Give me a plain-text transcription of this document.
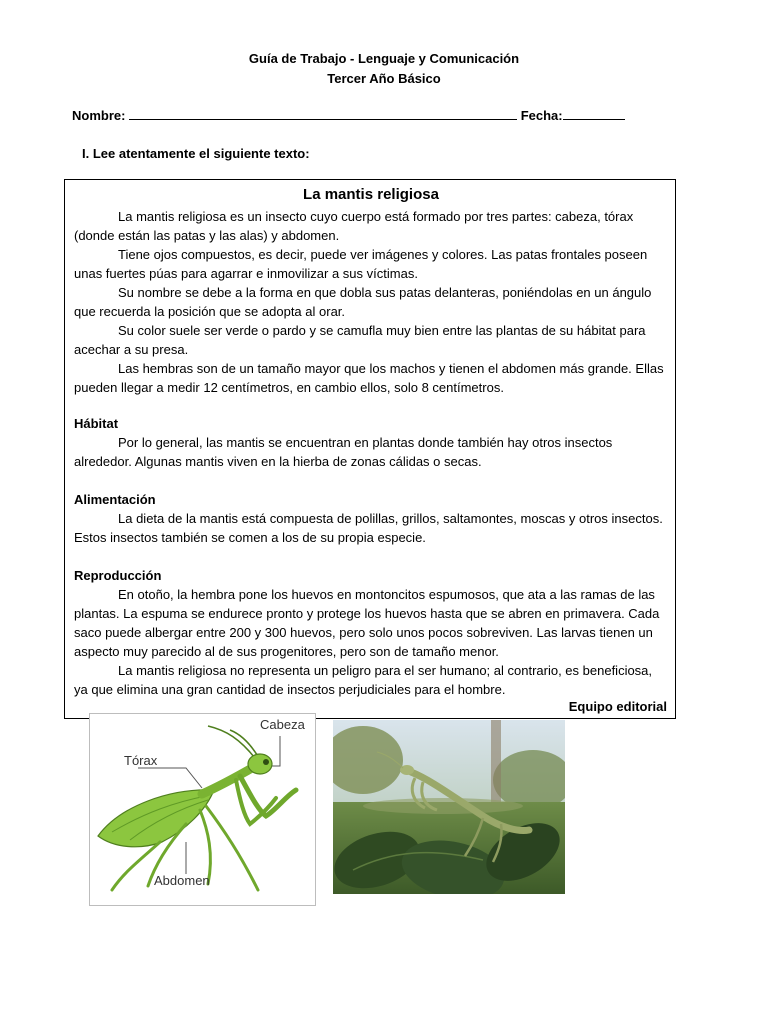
Guía de Trabajo - Lenguaje y Comunicación
Tercer Año Básico
Nombre:	Fecha:
I. Lee atentamente el siguiente texto:
La mantis religiosa

La mantis religiosa es un insecto cuyo cuerpo está formado por tres partes: cabeza, tórax (donde están las patas y las alas) y abdomen.

Tiene ojos compuestos, es decir, puede ver imágenes y colores. Las patas frontales poseen unas fuertes púas para agarrar e inmovilizar a sus víctimas.

Su nombre se debe a la forma en que dobla sus patas delanteras, poniéndolas en un ángulo que recuerda la posición que se adopta al orar.

Su color suele ser verde o pardo y se camufla muy bien entre las plantas de su hábitat para acechar a su presa.

Las hembras son de un tamaño mayor que los machos y tienen el abdomen más grande. Ellas pueden llegar a medir 12 centímetros, en cambio ellos, solo 8 centímetros.

Hábitat

Por lo general, las mantis se encuentran en plantas donde también hay otros insectos alrededor. Algunas mantis viven en la hierba de zonas cálidas o secas.

Alimentación

La dieta de la mantis está compuesta de polillas, grillos, saltamontes, moscas y otros insectos. Estos insectos también se comen a los de su propia especie.

Reproducción

En otoño, la hembra pone los huevos en montoncitos espumosos, que ata a las ramas de las plantas. La espuma se endurece pronto y protege los huevos hasta que se abren en primavera. Cada saco puede albergar entre 200 y 300 huevos, pero solo unos pocos sobreviven. Las larvas tienen un aspecto muy parecido al de sus progenitores, pero son de tamaño menor.

La mantis religiosa no representa un peligro para el ser humano; al contrario, es beneficiosa, ya que elimina una gran cantidad de insectos perjudiciales para el hombre.

Equipo editorial
Cabeza
Tórax
Abdomen
